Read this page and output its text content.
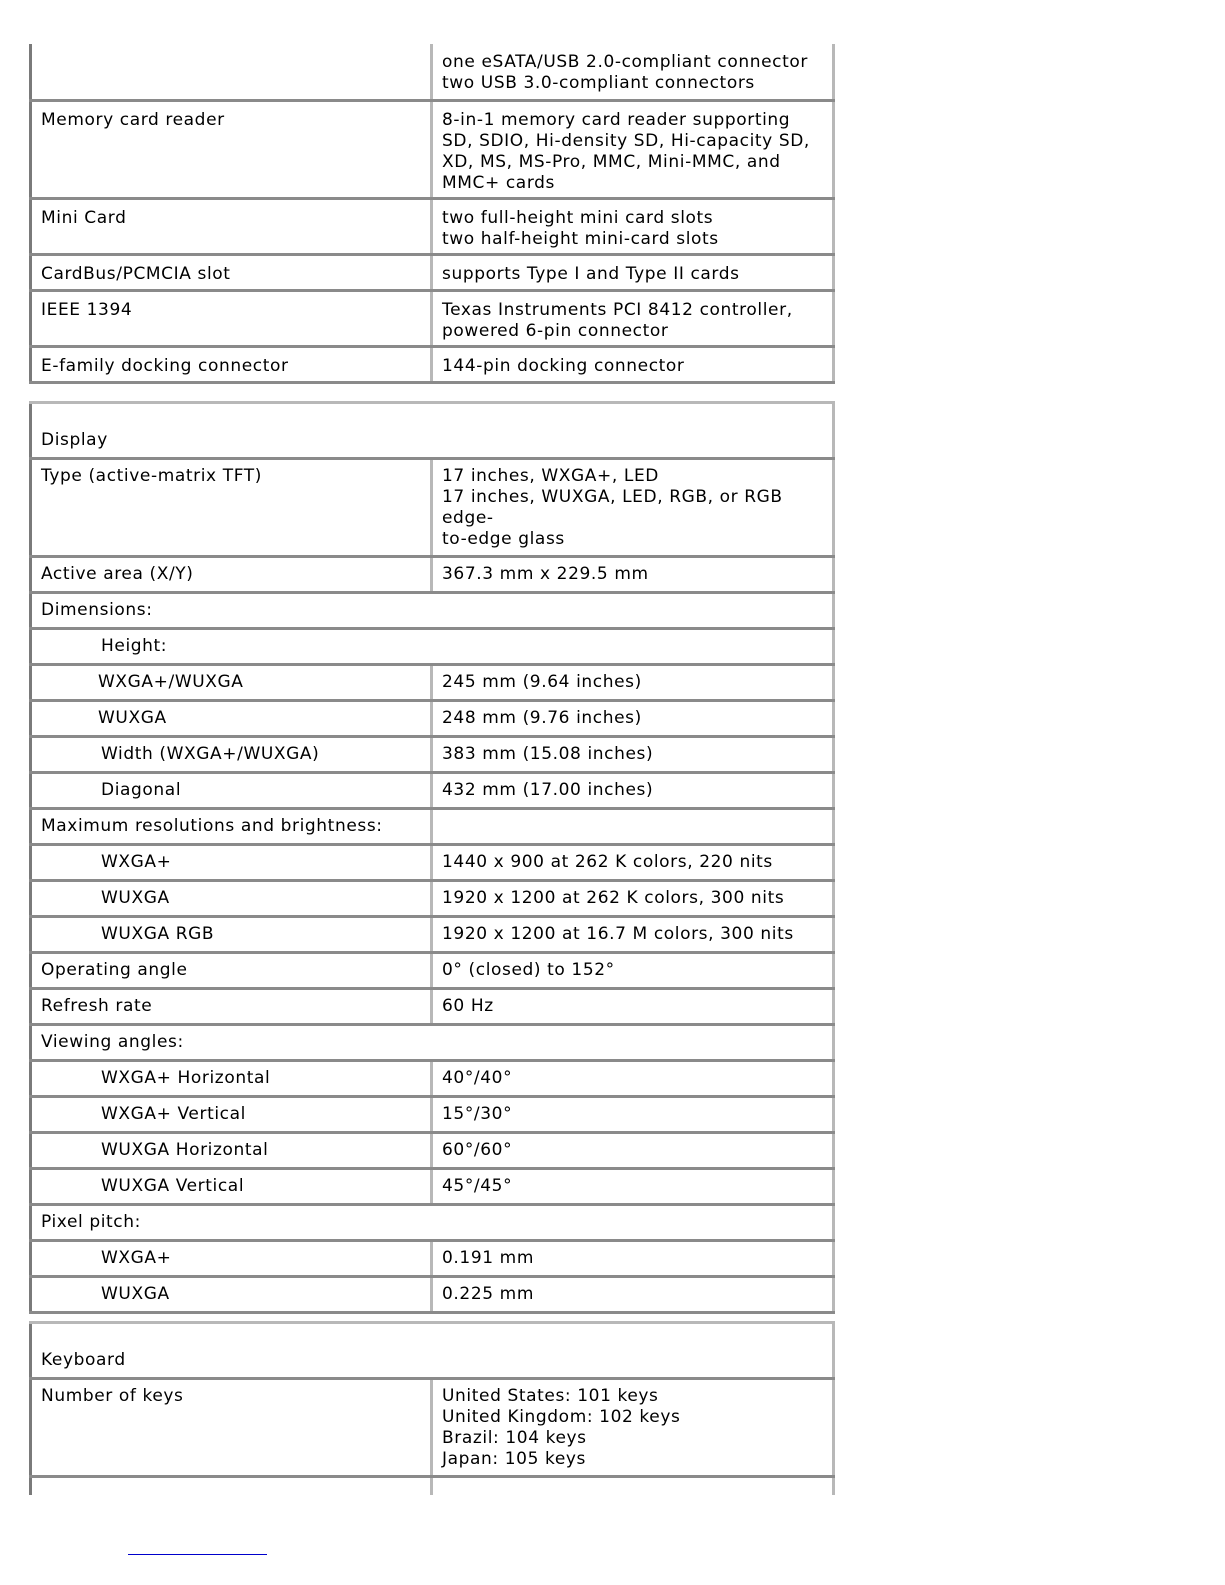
	one eSATA/USB 2.0-compliant connector
two USB 3.0-compliant connectors

Memory card reader	8-in-1 memory card reader supporting
SD, SDIO, Hi-density SD, Hi-capacity SD,
XD, MS, MS-Pro, MMC, Mini-MMC, and
MMC+ cards

Mini Card	two full-height mini card slots
two half-height mini-card slots

CardBus/PCMCIA slot	supports Type I and Type II cards

IEEE 1394	Texas Instruments PCI 8412 controller,
powered 6-pin connector

E-family docking connector	144-pin docking connector
Display	
Type (active-matrix TFT)	17 inches, WXGA+, LED
17 inches, WUXGA, LED, RGB, or RGB
edge-
to-edge glass

Active area (X/Y)	367.3 mm x 229.5 mm
Dimensions:	
Height:	
WXGA+/WUXGA	245 mm (9.64 inches)
WUXGA	248 mm (9.76 inches)
Width (WXGA+/WUXGA)	383 mm (15.08 inches)
Diagonal	432 mm (17.00 inches)
Maximum resolutions and brightness:	
WXGA+	1440 x 900 at 262 K colors, 220 nits
WUXGA	1920 x 1200 at 262 K colors, 300 nits
WUXGA RGB	1920 x 1200 at 16.7 M colors, 300 nits
Operating angle	0° (closed) to 152°
Refresh rate	60 Hz
Viewing angles:	
WXGA+ Horizontal	40°/40°
WXGA+ Vertical	15°/30°
WUXGA Horizontal	60°/60°
WUXGA Vertical	45°/45°
Pixel pitch:	
WXGA+	0.191 mm
WUXGA	0.225 mm
Keyboard	
Number of keys	United States: 101 keys
United Kingdom: 102 keys
Brazil: 104 keys
Japan: 105 keys
